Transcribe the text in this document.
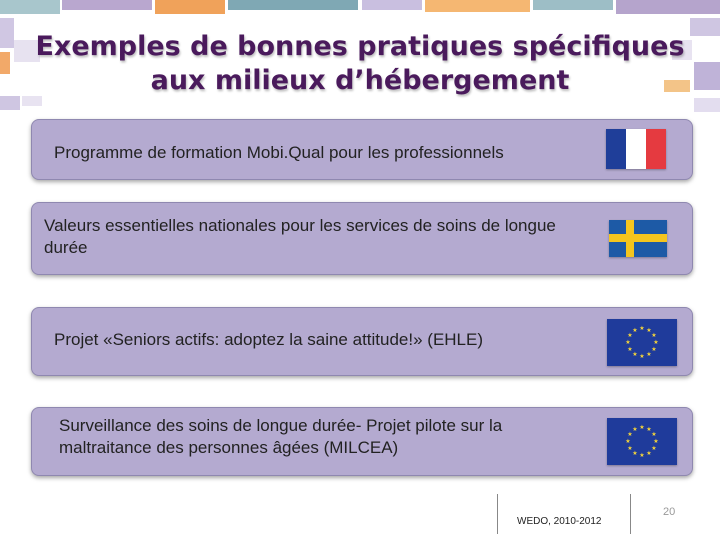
Exemples de bonnes pratiques spécifiques
aux milieux d’hébergement
Programme de formation Mobi.Qual pour les professionnels
Valeurs essentielles nationales pour les services de soins de longue durée
Projet «Seniors actifs: adoptez la saine attitude!» (EHLE)
★ ★
★
★
★
★
★
★
★
★
★
★
Surveillance des soins de longue durée- Projet pilote sur la maltraitance des personnes âgées (MILCEA)
★ ★
★
★
★
★
★
★
★
★
★
★
WEDO, 2010-2012
20
